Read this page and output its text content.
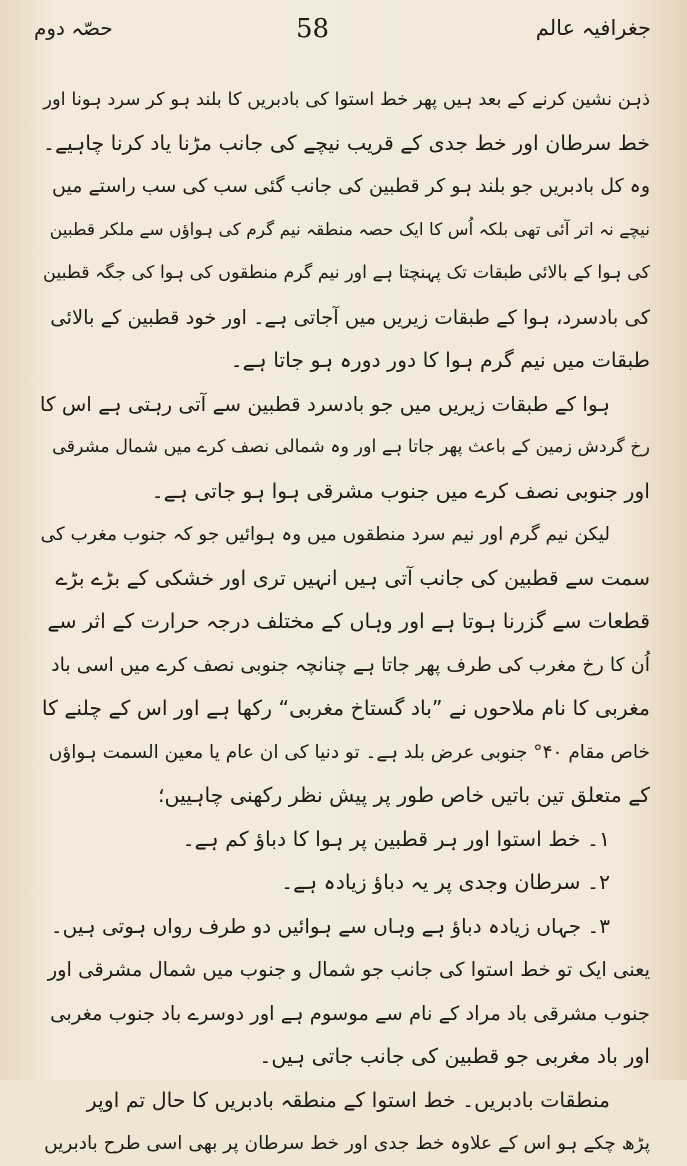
حصّہ دوم	58	جغرافیہ عالم
ذہن نشین کرنے کے بعد ہیں پھر خط استوا کی بادبریں کا بلند ہو کر سرد ہونا اور
خط سرطان اور خط جدی کے قریب نیچے کی جانب مڑنا یاد کرنا چاہیے۔
وہ کل بادبریں جو بلند ہو کر قطبین کی جانب گئی سب کی سب راستے میں
نیچے نہ اتر آئی تھی بلکہ اُس کا ایک حصہ منطقہ نیم گرم کی ہواؤں سے ملکر قطبین
کی ہوا کے بالائی طبقات تک پہنچتا ہے اور نیم گرم منطقوں کی ہوا کی جگہ قطبین
کی بادسرد، ہوا کے طبقات زیریں میں آجاتی ہے۔ اور خود قطبین کے بالائی
طبقات میں نیم گرم ہوا کا دور دورہ ہو جاتا ہے۔
ہوا کے طبقات زیریں میں جو بادسرد قطبین سے آتی رہتی ہے اس کا
رخ گردش زمین کے باعث پھر جاتا ہے اور وہ شمالی نصف کرے میں شمال مشرقی
اور جنوبی نصف کرے میں جنوب مشرقی ہوا ہو جاتی ہے۔
لیکن نیم گرم اور نیم سرد منطقوں میں وہ ہوائیں جو کہ جنوب مغرب کی
سمت سے قطبین کی جانب آتی ہیں انہیں تری اور خشکی کے بڑے بڑے
قطعات سے گزرنا ہوتا ہے اور وہاں کے مختلف درجہ حرارت کے اثر سے
اُن کا رخ مغرب کی طرف پھر جاتا ہے چنانچہ جنوبی نصف کرے میں اسی باد
مغربی کا نام ملاحوں نے ”باد گستاخ مغربی“ رکھا ہے اور اس کے چلنے کا
خاص مقام ۴۰° جنوبی عرض بلد ہے۔ تو دنیا کی ان عام یا معین السمت ہواؤں
کے متعلق تین باتیں خاص طور پر پیش نظر رکھنی چاہییں؛
۱۔ خط استوا اور ہر قطبین پر ہوا کا دباؤ کم ہے۔
۲۔ سرطان وجدی پر یہ دباؤ زیادہ ہے۔
۳۔ جہاں زیادہ دباؤ ہے وہاں سے ہوائیں دو طرف رواں ہوتی ہیں۔
یعنی ایک تو خط استوا کی جانب جو شمال و جنوب میں شمال مشرقی اور
جنوب مشرقی باد مراد کے نام سے موسوم ہے اور دوسرے باد جنوب مغربی
اور باد مغربی جو قطبین کی جانب جاتی ہیں۔
منطقات بادبریں۔ خط استوا کے منطقہ بادبریں کا حال تم اوپر
پڑھ چکے ہو اس کے علاوہ خط جدی اور خط سرطان پر بھی اسی طرح بادبریں
